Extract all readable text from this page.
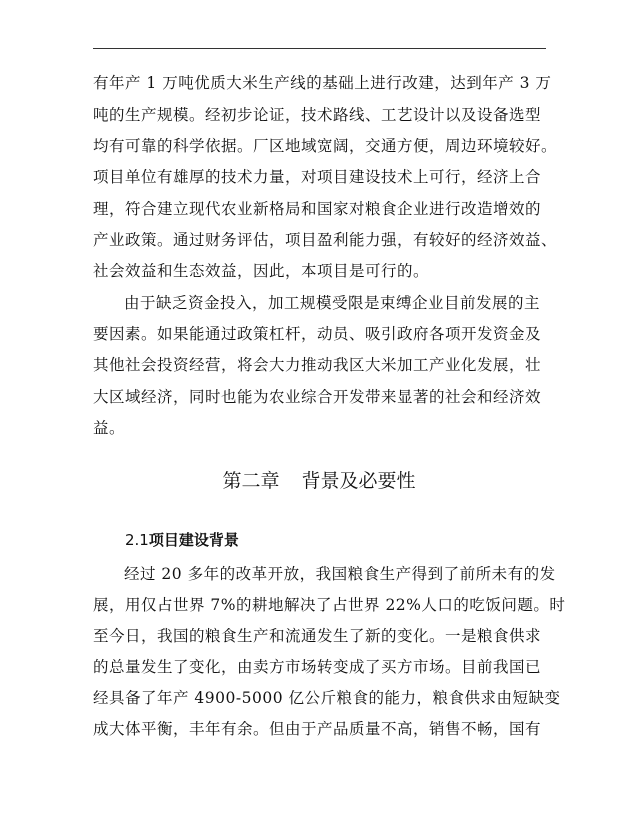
有年产 1 万吨优质大米生产线的基础上进行改建，达到年产 3 万
吨的生产规模。经初步论证，技术路线、工艺设计以及设备选型
均有可靠的科学依据。厂区地域宽阔，交通方便，周边环境较好。
项目单位有雄厚的技术力量，对项目建设技术上可行，经济上合
理，符合建立现代农业新格局和国家对粮食企业进行改造增效的
产业政策。通过财务评估，项目盈利能力强，有较好的经济效益、
社会效益和生态效益，因此，本项目是可行的。
由于缺乏资金投入，加工规模受限是束缚企业目前发展的主
要因素。如果能通过政策杠杆，动员、吸引政府各项开发资金及
其他社会投资经营，将会大力推动我区大米加工产业化发展，壮
大区域经济，同时也能为农业综合开发带来显著的社会和经济效
益。
第二章 背景及必要性
2.1项目建设背景
经过 20 多年的改革开放，我国粮食生产得到了前所未有的发
展，用仅占世界 7%的耕地解决了占世界 22%人口的吃饭问题。时
至今日，我国的粮食生产和流通发生了新的变化。一是粮食供求
的总量发生了变化，由卖方市场转变成了买方市场。目前我国已
经具备了年产 4900-5000 亿公斤粮食的能力，粮食供求由短缺变
成大体平衡，丰年有余。但由于产品质量不高，销售不畅，国有
